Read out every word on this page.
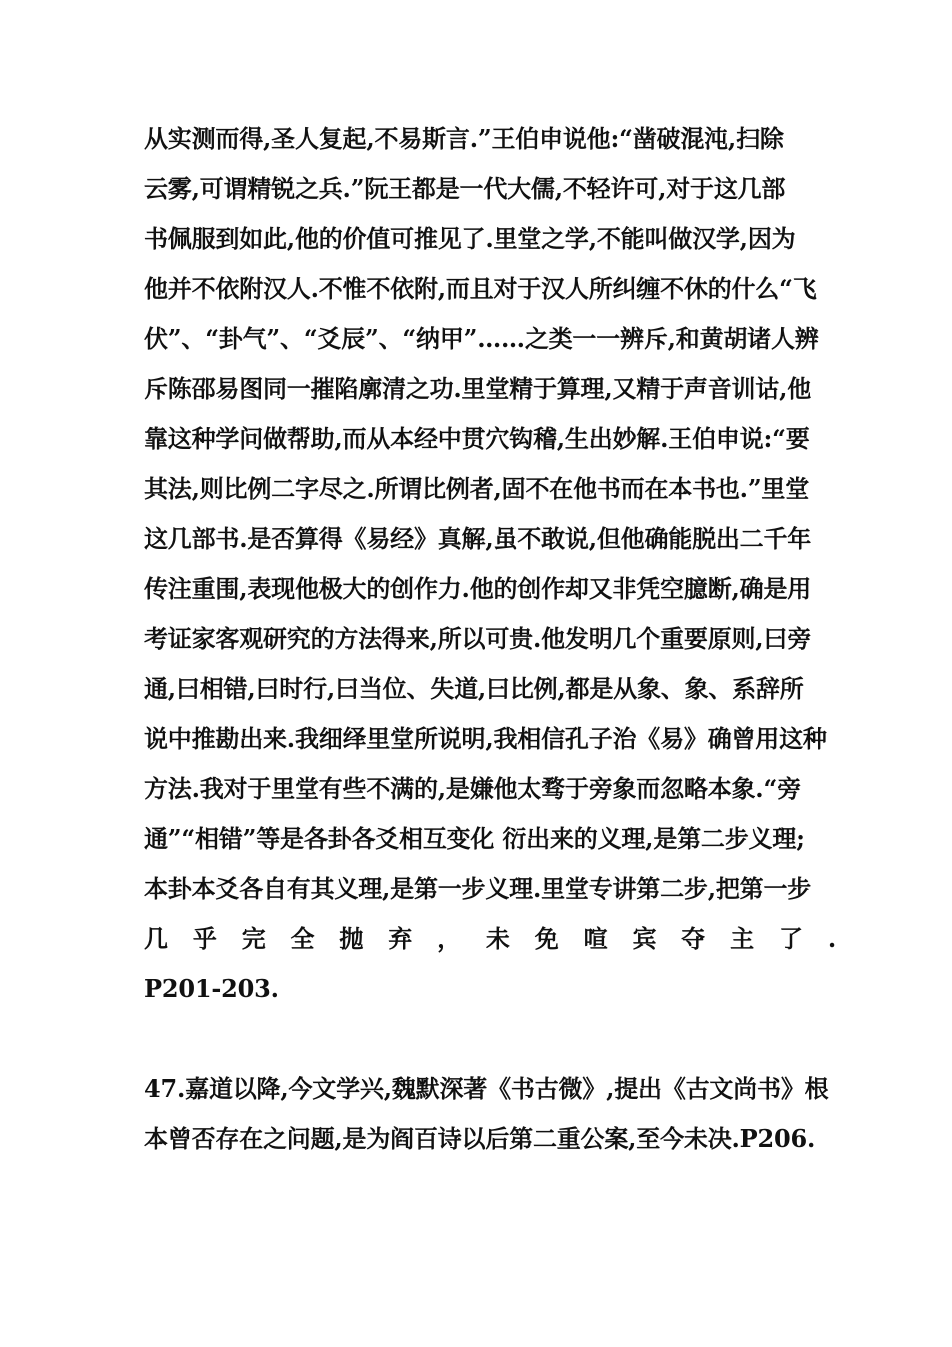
从实测而得,圣人复起,不易斯言.”王伯申说他:“凿破混沌,扫除
云雾,可谓精锐之兵.”阮王都是一代大儒,不轻许可,对于这几部
书佩服到如此,他的价值可推见了.里堂之学,不能叫做汉学,因为
他并不依附汉人.不惟不依附,而且对于汉人所纠缠不休的什么“飞
伏”、“卦气”、“爻辰”、“纳甲”……之类一一辨斥,和黄胡诸人辨
斥陈邵易图同一摧陷廓清之功.里堂精于算理,又精于声音训诂,他
靠这种学问做帮助,而从本经中贯穴钩稽,生出妙解.王伯申说:“要
其法,则比例二字尽之.所谓比例者,固不在他书而在本书也.”里堂
这几部书.是否算得《易经》真解,虽不敢说,但他确能脱出二千年
传注重围,表现他极大的创作力.他的创作却又非凭空臆断,确是用
考证家客观研究的方法得来,所以可贵.他发明几个重要原则,曰旁
通,曰相错,曰时行,曰当位、失道,曰比例,都是从象、象、系辞所
说中推勘出来.我细绎里堂所说明,我相信孔子治《易》确曾用这种
方法.我对于里堂有些不满的,是嫌他太骛于旁象而忽略本象.“旁
通”“相错”等是各卦各爻相互变化 衍出来的义理,是第二步义理;
本卦本爻各自有其义理,是第一步义理.里堂专讲第二步,把第一步
几 乎 完 全 抛 弃 ， 未 免 喧 宾 夺 主 了 .
P201-203.
47.嘉道以降,今文学兴,魏默深著《书古微》,提出《古文尚书》根
本曾否存在之问题,是为阎百诗以后第二重公案,至今未决.P206.
